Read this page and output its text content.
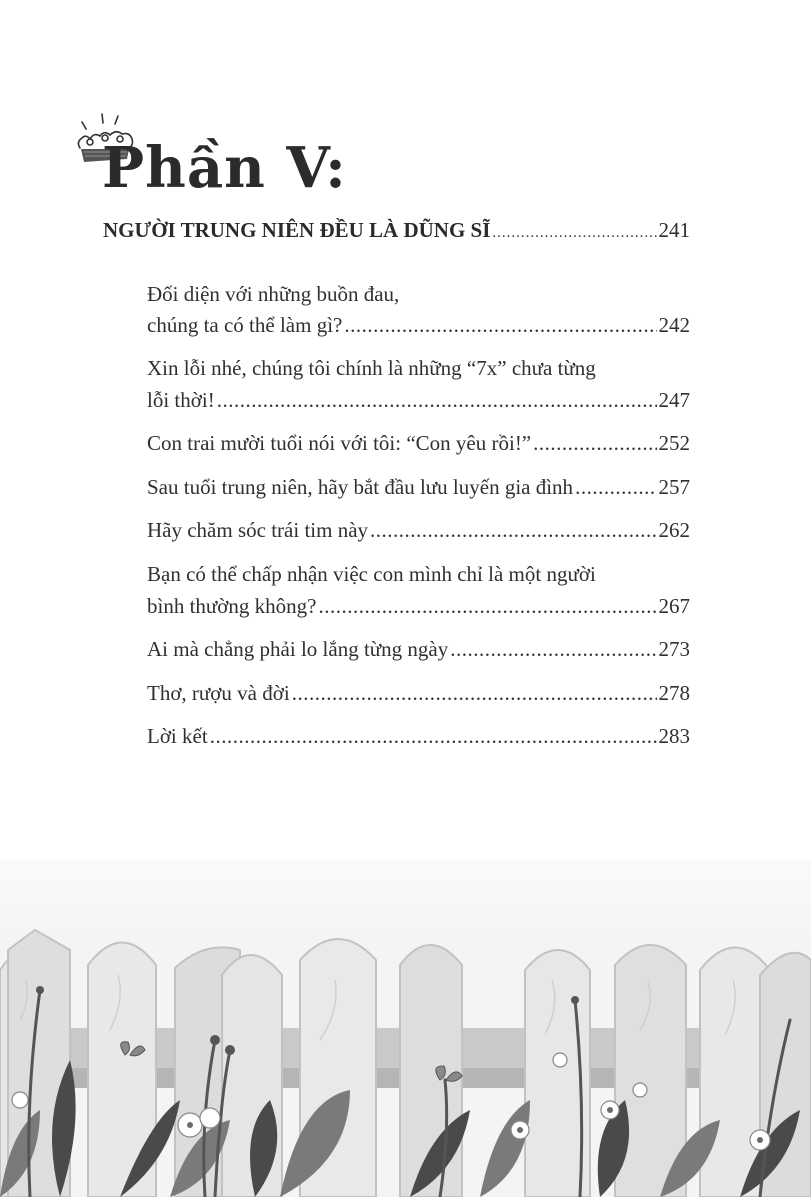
Phần V:
NGƯỜI TRUNG NIÊN ĐỀU LÀ DŨNG SĨ .....	241
Đối diện với những buồn đau,
chúng ta có thể làm gì? .....	242
Xin lỗi nhé, chúng tôi chính là những “7x” chưa từng
lỗi thời! .....	247
Con trai mười tuổi nói với tôi: “Con yêu rồi!” .....	252
Sau tuổi trung niên, hãy bắt đầu lưu luyến gia đình .....	257
Hãy chăm sóc trái tim này .....	262
Bạn có thể chấp nhận việc con mình chỉ là một người
bình thường không? .....	267
Ai mà chẳng phải lo lắng từng ngày .....	273
Thơ, rượu và đời .....	278
Lời kết .....	283
